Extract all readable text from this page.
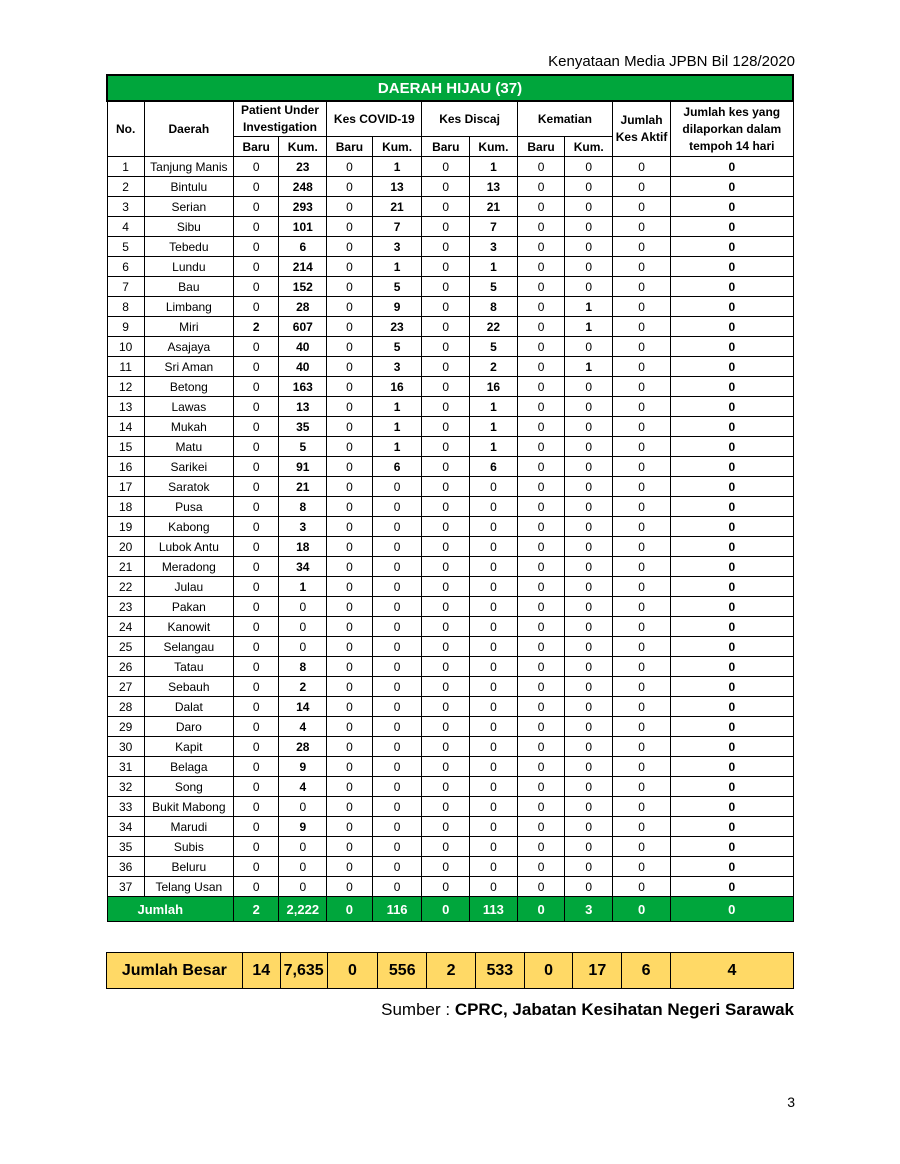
Kenyataan Media JPBN Bil 128/2020
DAERAH HIJAU (37)											
No.	Daerah	Patient Under Investigation		Kes COVID-19		Kes Discaj		Kematian		Jumlah Kes Aktif	Jumlah kes yang dilaporkan dalam tempoh 14 hari
		Baru	Kum.	Baru	Kum.	Baru	Kum.	Baru	Kum.		
1	Tanjung Manis	0	23	0	1	0	1	0	0	0	0
2	Bintulu	0	248	0	13	0	13	0	0	0	0
3	Serian	0	293	0	21	0	21	0	0	0	0
4	Sibu	0	101	0	7	0	7	0	0	0	0
5	Tebedu	0	6	0	3	0	3	0	0	0	0
6	Lundu	0	214	0	1	0	1	0	0	0	0
7	Bau	0	152	0	5	0	5	0	0	0	0
8	Limbang	0	28	0	9	0	8	0	1	0	0
9	Miri	2	607	0	23	0	22	0	1	0	0
10	Asajaya	0	40	0	5	0	5	0	0	0	0
11	Sri Aman	0	40	0	3	0	2	0	1	0	0
12	Betong	0	163	0	16	0	16	0	0	0	0
13	Lawas	0	13	0	1	0	1	0	0	0	0
14	Mukah	0	35	0	1	0	1	0	0	0	0
15	Matu	0	5	0	1	0	1	0	0	0	0
16	Sarikei	0	91	0	6	0	6	0	0	0	0
17	Saratok	0	21	0	0	0	0	0	0	0	0
18	Pusa	0	8	0	0	0	0	0	0	0	0
19	Kabong	0	3	0	0	0	0	0	0	0	0
20	Lubok Antu	0	18	0	0	0	0	0	0	0	0
21	Meradong	0	34	0	0	0	0	0	0	0	0
22	Julau	0	1	0	0	0	0	0	0	0	0
23	Pakan	0	0	0	0	0	0	0	0	0	0
24	Kanowit	0	0	0	0	0	0	0	0	0	0
25	Selangau	0	0	0	0	0	0	0	0	0	0
26	Tatau	0	8	0	0	0	0	0	0	0	0
27	Sebauh	0	2	0	0	0	0	0	0	0	0
28	Dalat	0	14	0	0	0	0	0	0	0	0
29	Daro	0	4	0	0	0	0	0	0	0	0
30	Kapit	0	28	0	0	0	0	0	0	0	0
31	Belaga	0	9	0	0	0	0	0	0	0	0
32	Song	0	4	0	0	0	0	0	0	0	0
33	Bukit Mabong	0	0	0	0	0	0	0	0	0	0
34	Marudi	0	9	0	0	0	0	0	0	0	0
35	Subis	0	0	0	0	0	0	0	0	0	0
36	Beluru	0	0	0	0	0	0	0	0	0	0
37	Telang Usan	0	0	0	0	0	0	0	0	0	0
Jumlah		2	2,222	0	116	0	113	0	3	0	0
Jumlah Besar	14	7,635	0	556	2	533	0	17	6	4
Sumber : CPRC, Jabatan Kesihatan Negeri Sarawak
3
